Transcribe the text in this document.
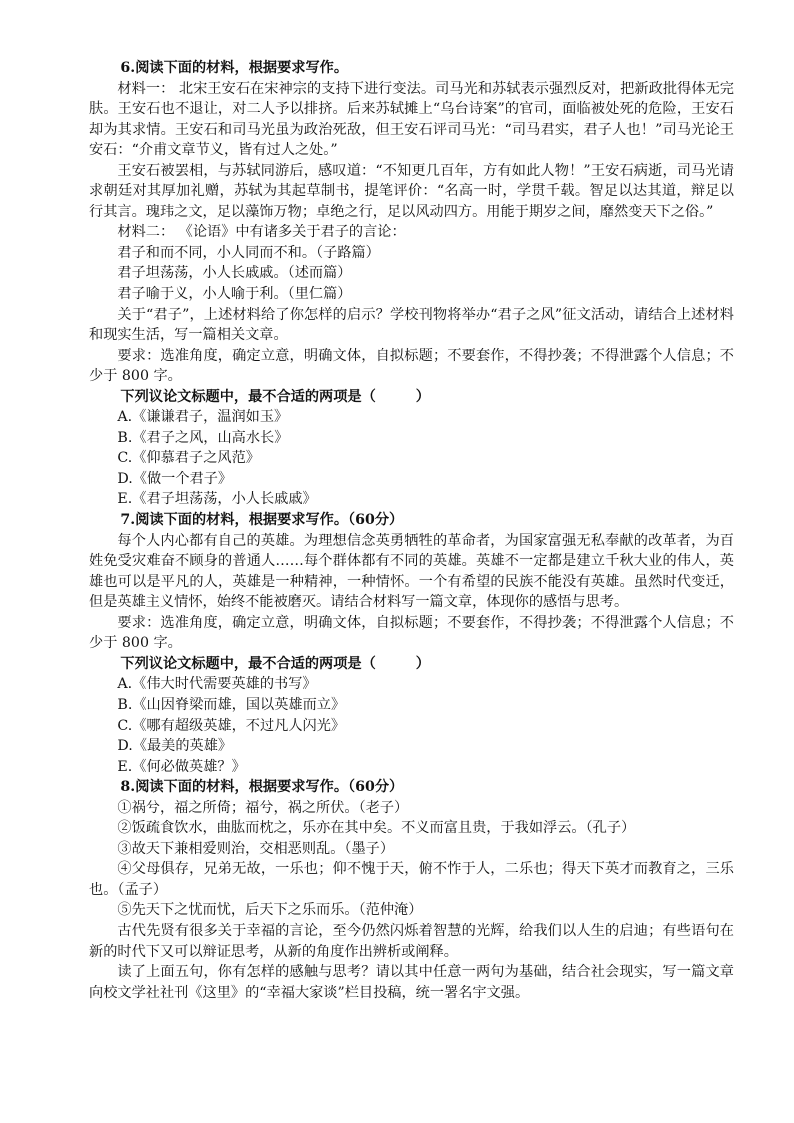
6.阅读下面的材料，根据要求写作。

材料一： 北宋王安石在宋神宗的支持下进行变法。司马光和苏轼表示强烈反对，把新政批得体无完肤。王安石也不退让，对二人予以排挤。后来苏轼摊上“乌台诗案”的官司，面临被处死的危险，王安石却为其求情。王安石和司马光虽为政治死敌，但王安石评司马光：“司马君实，君子人也！”司马光论王安石：“介甫文章节义，皆有过人之处。”

王安石被罢相，与苏轼同游后，感叹道：“不知更几百年，方有如此人物！”王安石病逝，司马光请求朝廷对其厚加礼赠，苏轼为其起草制书，提笔评价：“名高一时，学贯千载。智足以达其道，辩足以行其言。瑰玮之文，足以藻饰万物；卓绝之行，足以风动四方。用能于期岁之间，靡然变天下之俗。”

材料二： 《论语》中有诸多关于君子的言论：

君子和而不同，小人同而不和。（子路篇）

君子坦荡荡，小人长戚戚。（述而篇）

君子喻于义，小人喻于利。（里仁篇）

关于“君子”，上述材料给了你怎样的启示？学校刊物将举办“君子之风”征文活动，请结合上述材料和现实生活，写一篇相关文章。

要求：选准角度，确定立意，明确文体，自拟标题；不要套作，不得抄袭；不得泄露个人信息；不少于 800 字。

下列议论文标题中，最不合适的两项是（	）

A.《谦谦君子，温润如玉》

B.《君子之风，山高水长》

C.《仰慕君子之风范》

D.《做一个君子》

E.《君子坦荡荡，小人长戚戚》

7.阅读下面的材料，根据要求写作。（60分）

每个人内心都有自己的英雄。为理想信念英勇牺牲的革命者，为国家富强无私奉献的改革者，为百姓免受灾难奋不顾身的普通人……每个群体都有不同的英雄。英雄不一定都是建立千秋大业的伟人，英雄也可以是平凡的人，英雄是一种精神，一种情怀。一个有希望的民族不能没有英雄。虽然时代变迁，但是英雄主义情怀，始终不能被磨灭。请结合材料写一篇文章，体现你的感悟与思考。

要求：选准角度，确定立意，明确文体，自拟标题；不要套作，不得抄袭；不得泄露个人信息；不少于 800 字。

下列议论文标题中，最不合适的两项是（	）

A.《伟大时代需要英雄的书写》

B.《山因脊梁而雄，国以英雄而立》

C.《哪有超级英雄，不过凡人闪光》

D.《最美的英雄》

E.《何必做英雄？》

8.阅读下面的材料，根据要求写作。（60分）

①祸兮，福之所倚；福兮，祸之所伏。（老子）

②饭疏食饮水，曲肱而枕之，乐亦在其中矣。不义而富且贵，于我如浮云。（孔子）

③故天下兼相爱则治，交相恶则乱。（墨子）

④父母俱存，兄弟无故，一乐也；仰不愧于天，俯不怍于人，二乐也；得天下英才而教育之，三乐也。（孟子）

⑤先天下之忧而忧，后天下之乐而乐。（范仲淹）

古代先贤有很多关于幸福的言论，至今仍然闪烁着智慧的光辉，给我们以人生的启迪；有些语句在新的时代下又可以辩证思考，从新的角度作出辨析或阐释。

读了上面五句，你有怎样的感触与思考？请以其中任意一两句为基础，结合社会现实，写一篇文章向校文学社社刊《这里》的“幸福大家谈”栏目投稿，统一署名宇文强。
